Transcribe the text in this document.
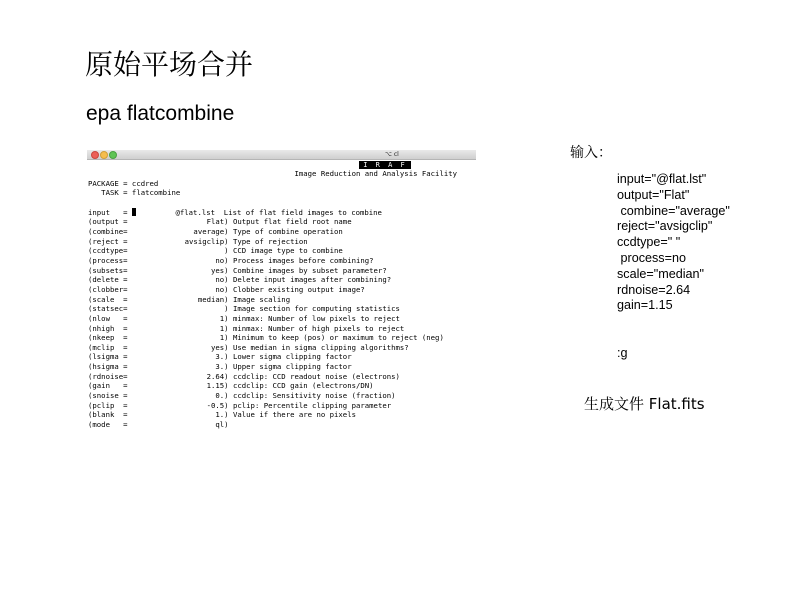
原始平场合并
epa flatcombine
⌥ cl
I R A F
Image Reduction and Analysis Facility
PACKAGE = ccdred
TASK = flatcombine

input   =          @flat.lst  List of flat field images to combine
(output =                  Flat) Output flat field root name
(combine=               average) Type of combine operation
(reject =             avsigclip) Type of rejection
(ccdtype=                      ) CCD image type to combine
(process=                    no) Process images before combining?
(subsets=                   yes) Combine images by subset parameter?
(delete =                    no) Delete input images after combining?
(clobber=                    no) Clobber existing output image?
(scale  =                median) Image scaling
(statsec=                      ) Image section for computing statistics
(nlow   =                     1) minmax: Number of low pixels to reject
(nhigh  =                     1) minmax: Number of high pixels to reject
(nkeep  =                     1) Minimum to keep (pos) or maximum to reject (neg)
(mclip  =                   yes) Use median in sigma clipping algorithms?
(lsigma =                    3.) Lower sigma clipping factor
(hsigma =                    3.) Upper sigma clipping factor
(rdnoise=                  2.64) ccdclip: CCD readout noise (electrons)
(gain   =                  1.15) ccdclip: CCD gain (electrons/DN)
(snoise =                    0.) ccdclip: Sensitivity noise (fraction)
(pclip  =                  -0.5) pclip: Percentile clipping parameter
(blank  =                    1.) Value if there are no pixels
(mode   =                    ql)
输入：
input="@flat.lst"
output="Flat"
combine="average"
reject="avsigclip"
ccdtype=" "
process=no
scale="median"
rdnoise=2.64
gain=1.15
:g
生成文件 Flat.fits
